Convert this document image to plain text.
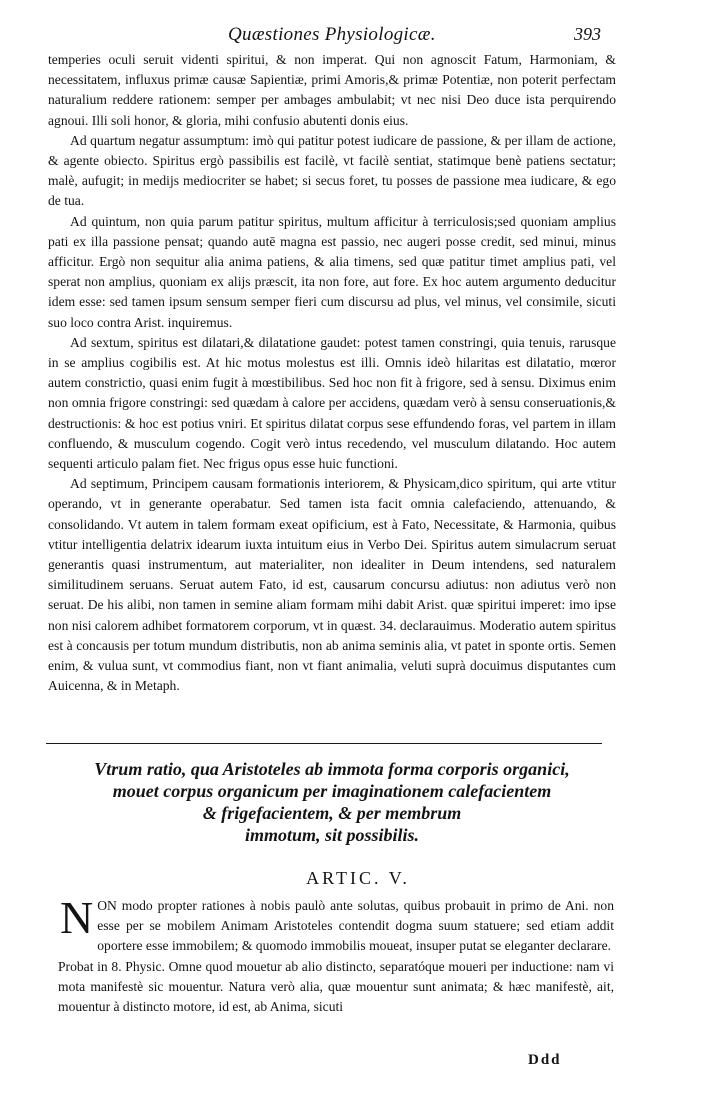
Quæstiones Physiologicæ.	393

temperies oculi seruit videnti spiritui, & non imperat. Qui non agnoscit Fatum, Harmoniam, & necessitatem, influxus primæ causæ Sapientiæ, primi Amoris,& primæ Potentiæ, non poterit perfectam naturalium reddere rationem: semper per ambages ambulabit; vt nec nisi Deo duce ista perquirendo agnoui. Illi soli honor, & gloria, mihi confusio abutenti donis eius.

Ad quartum negatur assumptum: imò qui patitur potest iudicare de passione, & per illam de actione, & agente obiecto. Spiritus ergò passibilis est facilè, vt facilè sentiat, statimque benè patiens sectatur; malè, aufugit; in medijs mediocriter se habet; si secus foret, tu posses de passione mea iudicare, & ego de tua.

Ad quintum, non quia parum patitur spiritus, multum afficitur à terriculosis;sed quoniam amplius pati ex illa passione pensat; quando autē magna est passio, nec augeri posse credit, sed minui, minus afficitur. Ergò non sequitur alia anima patiens, & alia timens, sed quæ patitur timet amplius pati, vel sperat non amplius, quoniam ex alijs præscit, ita non fore, aut fore. Ex hoc autem argumento deducitur idem esse: sed tamen ipsum sensum semper fieri cum discursu ad plus, vel minus, vel consimile, sicuti suo loco contra Arist. inquiremus.

Ad sextum, spiritus est dilatari,& dilatatione gaudet: potest tamen constringi, quia tenuis, rarusque in se amplius cogibilis est. At hic motus molestus est illi. Omnis ideò hilaritas est dilatatio, mœror autem constrictio, quasi enim fugit à mœstibilibus. Sed hoc non fit à frigore, sed à sensu. Diximus enim non omnia frigore constringi: sed quædam à calore per accidens, quædam verò à sensu conseruationis,& destructionis: & hoc est potius vniri. Et spiritus dilatat corpus sese effundendo foras, vel partem in illam confluendo, & musculum cogendo. Cogit verò intus recedendo, vel musculum dilatando. Hoc autem sequenti articulo palam fiet. Nec frigus opus esse huic functioni.

Ad septimum, Principem causam formationis interiorem, & Physicam,dico spiritum, qui arte vtitur operando, vt in generante operabatur. Sed tamen ista facit omnia calefaciendo, attenuando, & consolidando. Vt autem in talem formam exeat opificium, est à Fato, Necessitate, & Harmonia, quibus vtitur intelligentia delatrix idearum iuxta intuitum eius in Verbo Dei. Spiritus autem simulacrum seruat generantis quasi instrumentum, aut materialiter, non idealiter in Deum intendens, sed naturalem similitudinem seruans. Seruat autem Fato, id est, causarum concursu adiutus: non adiutus verò non seruat. De his alibi, non tamen in semine aliam formam mihi dabit Arist. quæ spiritui imperet: imo ipse non nisi calorem adhibet formatorem corporum, vt in quæst. 34. declarauimus. Moderatio autem spiritus est à concausis per totum mundum distributis, non ab anima seminis alia, vt patet in sponte ortis. Semen enim, & vulua sunt, vt commodius fiant, non vt fiant animalia, veluti suprà docuimus disputantes cum Auicenna, & in Metaph.

Vtrum ratio, qua Aristoteles ab immota forma corporis organici,
mouet corpus organicum per imaginationem calefacientem
& frigefacientem, & per membrum
immotum, sit possibilis.
ARTIC. V.

N ON modo propter rationes à nobis paulò ante solutas, quibus probauit in primo de Ani. non esse per se mobilem Animam Aristoteles contendit dogma suum statuere; sed etiam addit oportere esse immobilem; & quomodo immobilis moueat, insuper putat se eleganter declarare.

Probat in 8. Physic. Omne quod mouetur ab alio distincto, separatóque moueri per inductione: nam vi mota manifestè sic mouentur. Natura verò alia, quæ mouentur sunt animata; & hæc manifestè, ait, mouentur à distincto motore, id est, ab Anima, sicuti

Ddd
